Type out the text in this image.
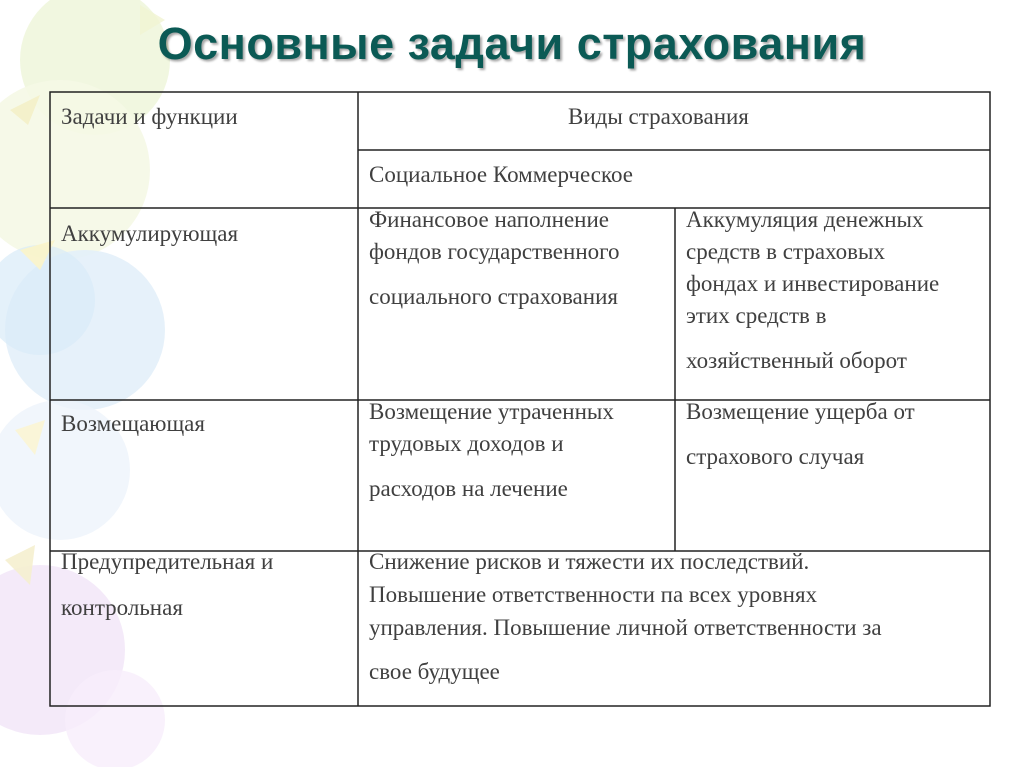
Основные задачи страхования
Задачи и функции	Виды страхования
Социальное Коммерческое
Аккумулирующая
Финансовое наполнение
фондов государственного
социального страхования
Аккумуляция денежных
средств в страховых
фондах и инвестирование
этих средств в
хозяйственный оборот
Возмещающая	Возмещение утраченных
трудовых доходов и
расходов на лечение
Возмещение ущерба от
страхового случая
Предупредительная и
контрольная
Снижение рисков и тяжести их последствий.
Повышение ответственности па всех уровнях
управления. Повышение личной ответственности за
свое будущее
